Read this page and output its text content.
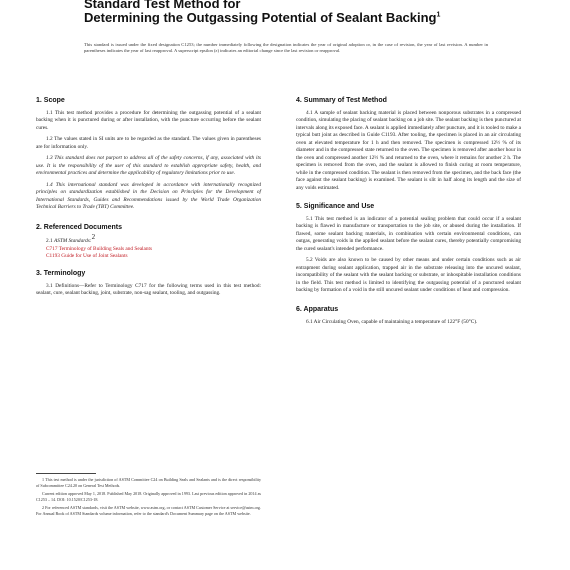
Standard Test Method for
Determining the Outgassing Potential of Sealant Backing$^1$
This standard is issued under the fixed designation C1253; the number immediately following the designation indicates the year of original adoption or, in the case of revision, the year of last revision. A number in parentheses indicates the year of last reapproval. A superscript epsilon (ε) indicates an editorial change since the last revision or reapproval.
1. Scope

1.1 This test method provides a procedure for determining the outgassing potential of a sealant backing when it is punctured during or after installation, with the puncture occurring before the sealant cures.

1.2 The values stated in SI units are to be regarded as the standard. The values given in parentheses are for information only.

1.3 This standard does not purport to address all of the safety concerns, if any, associated with its use. It is the responsibility of the user of this standard to establish appropriate safety, health, and environmental practices and determine the applicability of regulatory limitations prior to use.

1.4 This international standard was developed in accordance with internationally recognized principles on standardization established in the Decision on Principles for the Development of International Standards, Guides and Recommendations issued by the World Trade Organization Technical Barriers to Trade (TBT) Committee.

2. Referenced Documents
2.1 ASTM Standards:$^2$
C717 Terminology of Building Seals and Sealants
C1193 Guide for Use of Joint Sealants
3. Terminology

3.1 Definitions—Refer to Terminology C717 for the following terms used in this test method: sealant, cure, sealant backing, joint, substrate, non-sag sealant, tooling, and outgassing.

1 This test method is under the jurisdiction of ASTM Committee C24 on Building Seals and Sealants and is the direct responsibility of Subcommittee C24.20 on General Test Methods.

Current edition approved May 1, 2018. Published May 2018. Originally approved in 1993. Last previous edition approved in 2014 as C1253 – 14. DOI: 10.1520/C1253-18.

2 For referenced ASTM standards, visit the ASTM website, www.astm.org, or contact ASTM Customer Service at service@astm.org. For Annual Book of ASTM Standards volume information, refer to the standard's Document Summary page on the ASTM website.

4. Summary of Test Method

4.1 A sample of sealant backing material is placed between nonporous substrates in a compressed condition, simulating the placing of sealant backing on a job site. The sealant backing is then punctured at intervals along its exposed face. A sealant is applied immediately after puncture, and it is tooled to make a typical butt joint as described in Guide C1193. After tooling, the specimen is placed in an air circulating oven at elevated temperature for 1 h and then removed. The specimen is compressed 12½ % of its diameter and in the compressed state returned to the oven. The specimen is removed after another hour in the oven and compressed another 12½ % and returned to the oven, where it remains for another 2 h. The specimen is removed from the oven, and the sealant is allowed to finish curing at room temperature, while in the compressed condition. The sealant is then removed from the specimen, and the back face (the face against the sealant backing) is examined. The sealant is slit in half along its length and the size of any voids estimated.

5. Significance and Use

5.1 This test method is an indicator of a potential sealing problem that could occur if a sealant backing is flawed in manufacture or transportation to the job site, or abused during the installation. If flawed, some sealant backing materials, in combination with certain environmental conditions, can outgas, generating voids in the applied sealant before the sealant cures, thereby potentially compromising the cured sealant's intended performance.

5.2 Voids are also known to be caused by other means and under certain conditions such as air entrapment during sealant application, trapped air in the substrate releasing into the uncured sealant, incompatibility of the sealant with the sealant backing or substrate, or inhospitable installation conditions in the field. This test method is limited to identifying the outgassing potential of a punctured sealant backing by formation of a void in the still uncured sealant under conditions of heat and compression.

6. Apparatus

6.1 Air Circulating Oven, capable of maintaining a temperature of 122°F (50°C).
